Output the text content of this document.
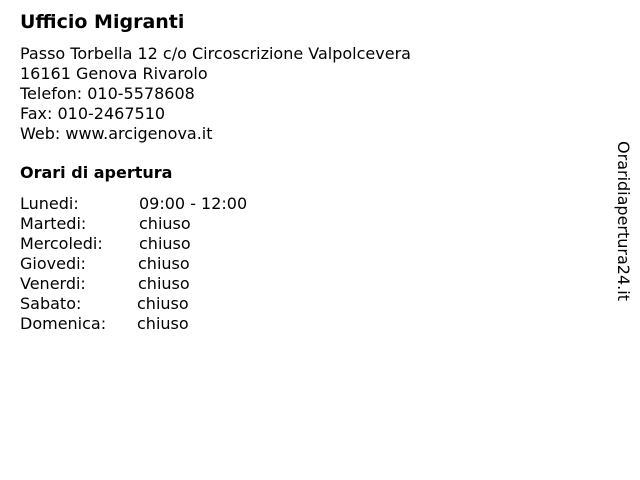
Ufficio Migranti
Passo Torbella 12 c/o Circoscrizione Valpolcevera
16161 Genova Rivarolo
Telefon: 010-5578608
Fax: 010-2467510
Web: www.arcigenova.it
Orari di apertura
Lunedi:	09:00 - 12:00
Martedi:	chiuso
Mercoledi: chiuso
Giovedi:	chiuso
Venerdi:	chiuso
Sabato:	chiuso
Domenica: chiuso
Oraridiapertura24.it
